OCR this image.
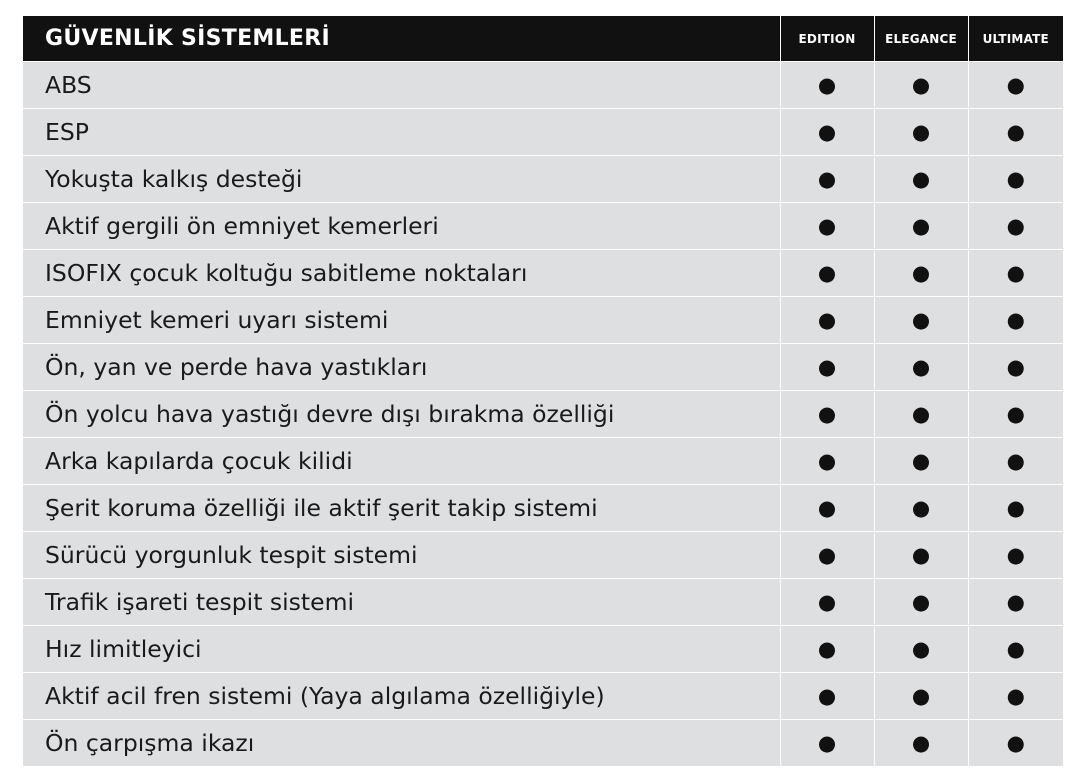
GÜVENLİK SİSTEMLERİ	EDITION	ELEGANCE	ULTIMATE
ABS	●	●	●
ESP	●	●	●
Yokuşta kalkış desteği	●	●	●
Aktif gergili ön emniyet kemerleri	●	●	●
ISOFIX çocuk koltuğu sabitleme noktaları	●	●	●
Emniyet kemeri uyarı sistemi	●	●	●
Ön, yan ve perde hava yastıkları	●	●	●
Ön yolcu hava yastığı devre dışı bırakma özelliği	●	●	●
Arka kapılarda çocuk kilidi	●	●	●
Şerit koruma özelliği ile aktif şerit takip sistemi	●	●	●
Sürücü yorgunluk tespit sistemi	●	●	●
Trafik işareti tespit sistemi	●	●	●
Hız limitleyici	●	●	●
Aktif acil fren sistemi (Yaya algılama özelliğiyle)	●	●	●
Ön çarpışma ikazı	●	●	●
